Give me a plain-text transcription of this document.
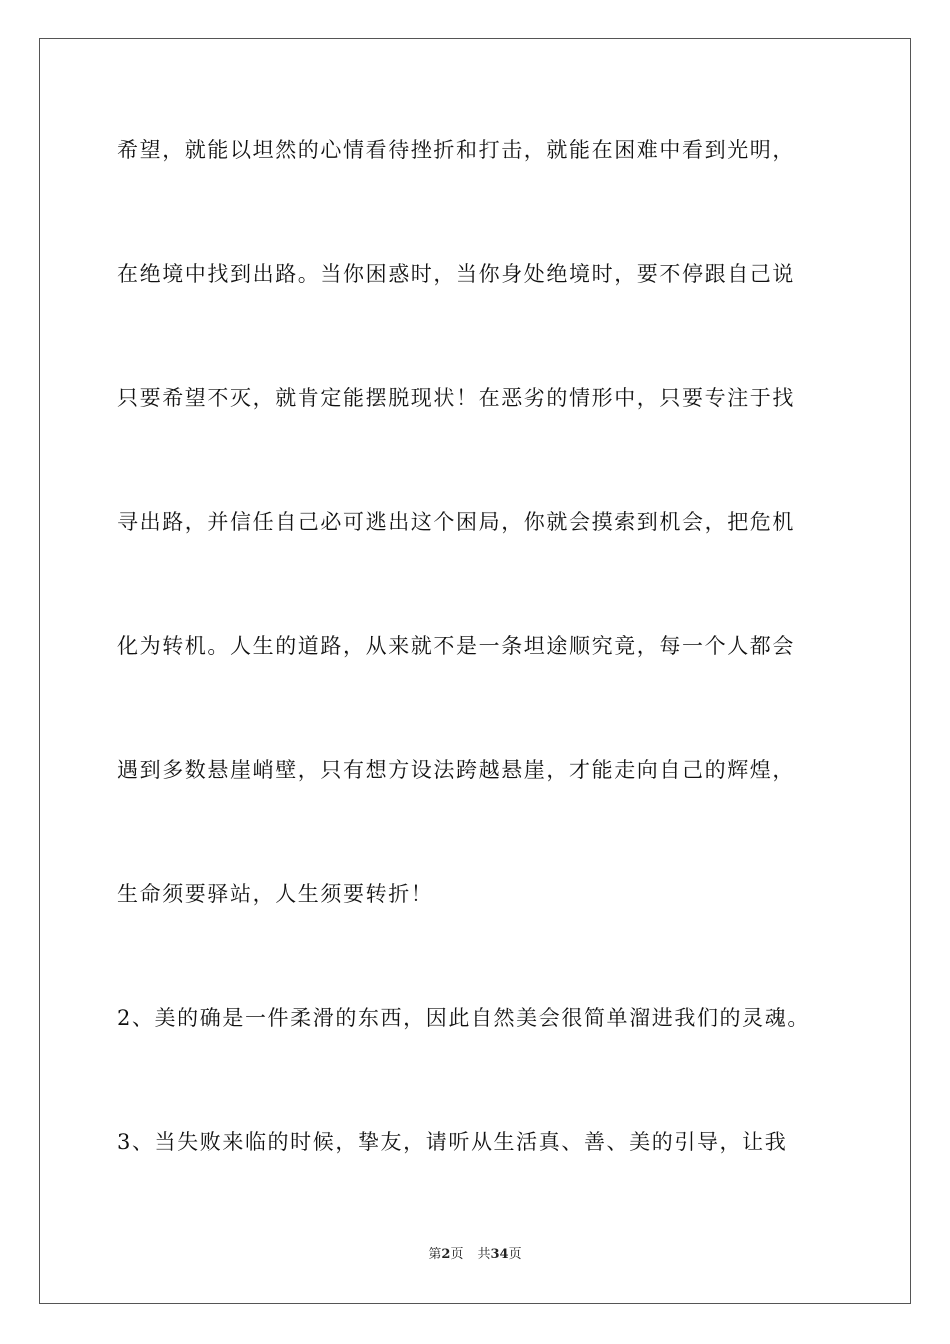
希望，就能以坦然的心情看待挫折和打击，就能在困难中看到光明，
在绝境中找到出路。当你困惑时，当你身处绝境时，要不停跟自己说
只要希望不灭，就肯定能摆脱现状！在恶劣的情形中，只要专注于找
寻出路，并信任自己必可逃出这个困局，你就会摸索到机会，把危机
化为转机。人生的道路，从来就不是一条坦途顺究竟，每一个人都会
遇到多数悬崖峭壁，只有想方设法跨越悬崖，才能走向自己的辉煌，
生命须要驿站，人生须要转折！
2、美的确是一件柔滑的东西，因此自然美会很简单溜进我们的灵魂。
3、当失败来临的时候，挚友，请听从生活真、善、美的引导，让我
第2页 共34页
